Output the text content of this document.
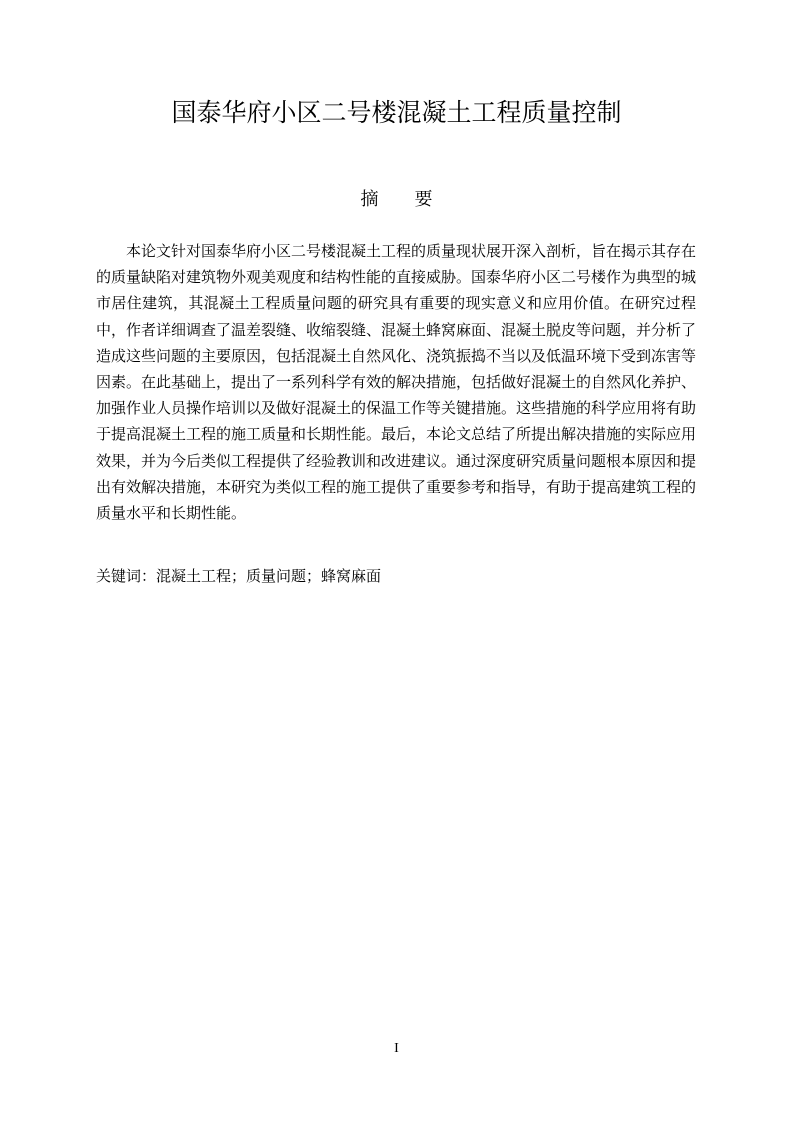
国泰华府小区二号楼混凝土工程质量控制
摘　　要

本论文针对国泰华府小区二号楼混凝土工程的质量现状展开深入剖析，旨在揭示其存在的质量缺陷对建筑物外观美观度和结构性能的直接威胁。国泰华府小区二号楼作为典型的城市居住建筑，其混凝土工程质量问题的研究具有重要的现实意义和应用价值。在研究过程中，作者详细调查了温差裂缝、收缩裂缝、混凝土蜂窝麻面、混凝土脱皮等问题，并分析了造成这些问题的主要原因，包括混凝土自然风化、浇筑振捣不当以及低温环境下受到冻害等因素。在此基础上，提出了一系列科学有效的解决措施，包括做好混凝土的自然风化养护、加强作业人员操作培训以及做好混凝土的保温工作等关键措施。这些措施的科学应用将有助于提高混凝土工程的施工质量和长期性能。最后，本论文总结了所提出解决措施的实际应用效果，并为今后类似工程提供了经验教训和改进建议。通过深度研究质量问题根本原因和提出有效解决措施，本研究为类似工程的施工提供了重要参考和指导，有助于提高建筑工程的质量水平和长期性能。

关键词：混凝土工程；质量问题；蜂窝麻面
I
